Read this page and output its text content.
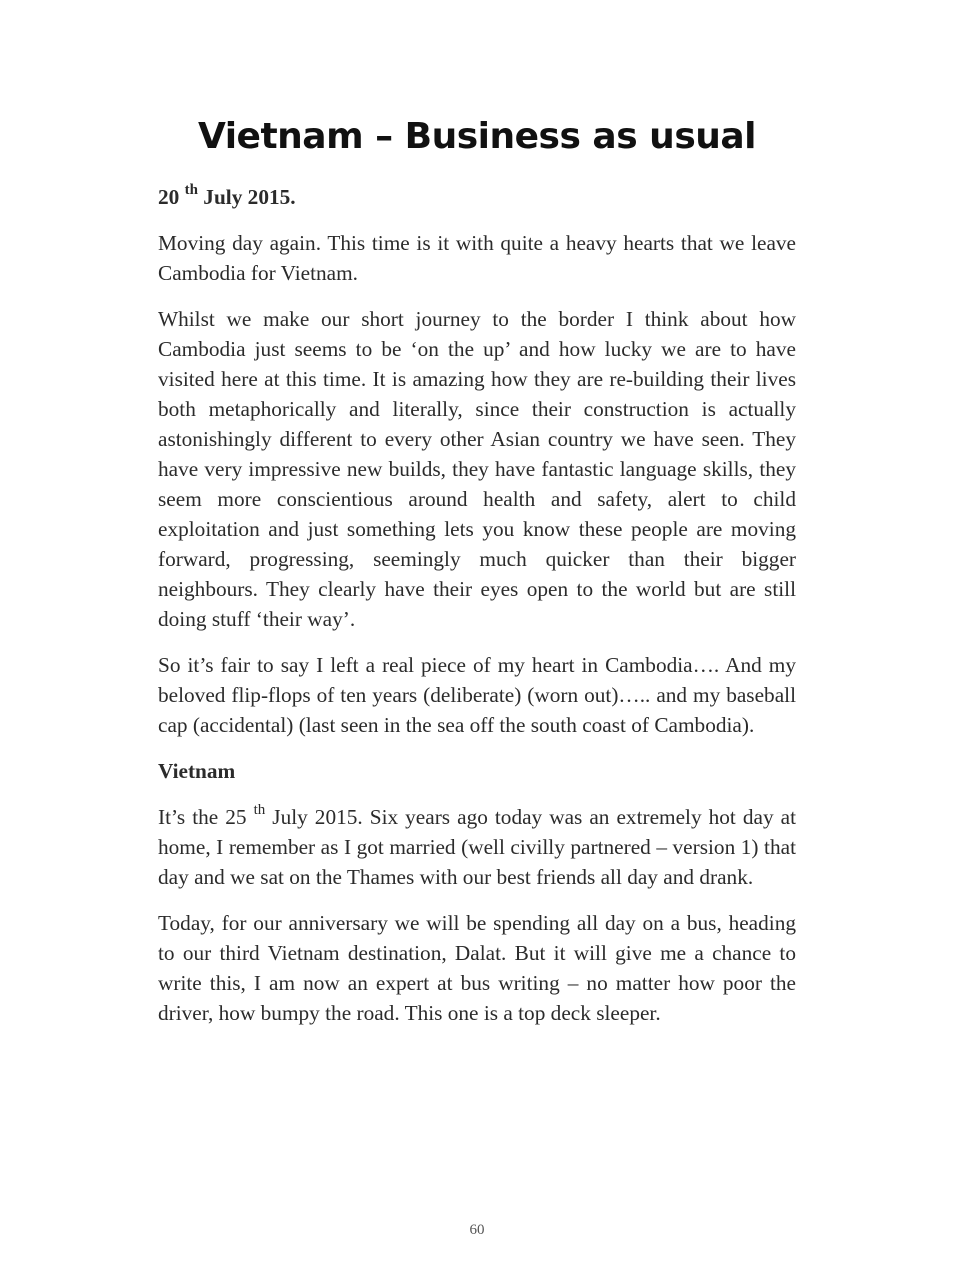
Vietnam – Business as usual

20 $^{th}$ July 2015.

Moving day again. This time is it with quite a heavy hearts that we leave Cambodia for Vietnam.

Whilst we make our short journey to the border I think about how Cambodia just seems to be ‘on the up’ and how lucky we are to have visited here at this time. It is amazing how they are re-building their lives both metaphorically and literally, since their construction is actually astonishingly different to every other Asian country we have seen. They have very impressive new builds, they have fantastic language skills, they seem more conscientious around health and safety, alert to child exploitation and just something lets you know these people are moving forward, progressing, seemingly much quicker than their bigger neighbours. They clearly have their eyes open to the world but are still doing stuff ‘their way’.

So it’s fair to say I left a real piece of my heart in Cambodia…. And my beloved flip-flops of ten years (deliberate) (worn out)….. and my baseball cap (accidental) (last seen in the sea off the south coast of Cambodia).

Vietnam

It’s the 25 $^{th}$ July 2015. Six years ago today was an extremely hot day at home, I remember as I got married (well civilly partnered – version 1) that day and we sat on the Thames with our best friends all day and drank.

Today, for our anniversary we will be spending all day on a bus, heading to our third Vietnam destination, Dalat. But it will give me a chance to write this, I am now an expert at bus writing – no matter how poor the driver, how bumpy the road. This one is a top deck sleeper.

60
